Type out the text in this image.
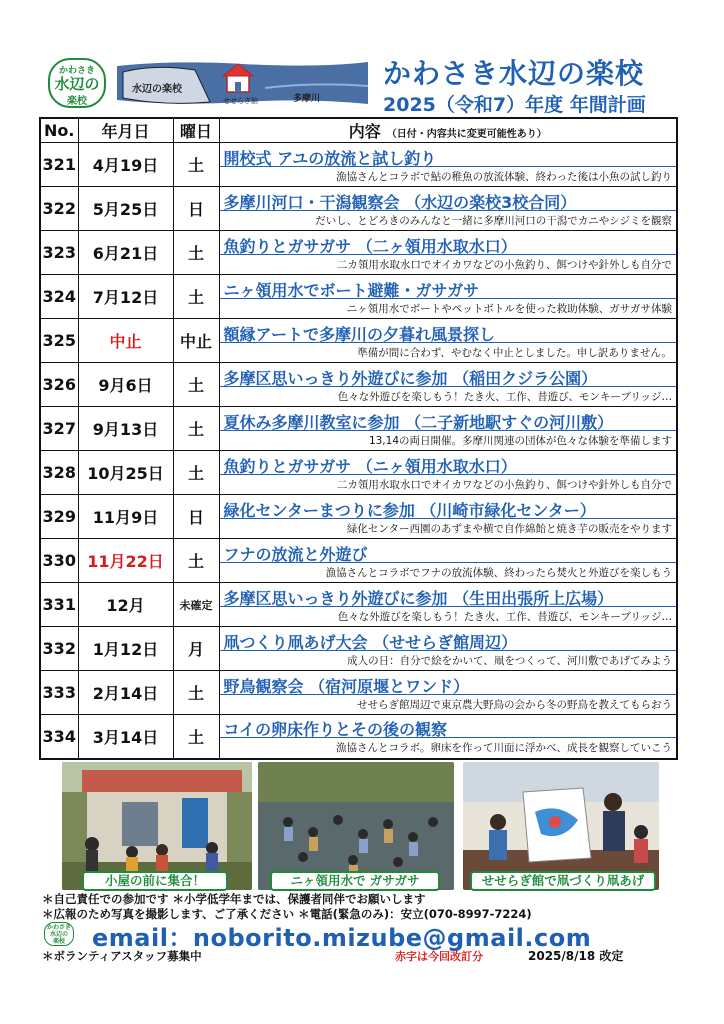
かわさき
水辺の
楽校
水辺の楽校
せせらぎ館	多摩川
かわさき水辺の楽校
2025（令和7）年度 年間計画
No.	年月日	曜日	内容 （日付・内容共に変更可能性あり）
321	4月19日	土	開校式 アユの放流と試し釣り
漁協さんとコラボで鮎の稚魚の放流体験、終わった後は小魚の試し釣り

322	5月25日	日	多摩川河口・干潟観察会 （水辺の楽校3校合同）
だいし、とどろきのみんなと一緒に多摩川河口の干潟でカニやシジミを観察

323	6月21日	土	魚釣りとガサガサ （二ヶ領用水取水口）
二カ領用水取水口でオイカワなどの小魚釣り、餌つけや針外しも自分で

324	7月12日	土	ニヶ領用水でボート避難・ガサガサ
ニヶ領用水でボートやペットボトルを使った救助体験、ガサガサ体験

325	中止	中止	額縁アートで多摩川の夕暮れ風景探し
準備が間に合わず、やむなく中止としました。申し訳ありません。

326	9月6日	土	多摩区思いっきり外遊びに参加 （稲田クジラ公園）
色々な外遊びを楽しもう！たき火、工作、昔遊び、モンキーブリッジ…

327	9月13日	土	夏休み多摩川教室に参加 （二子新地駅すぐの河川敷）
13,14の両日開催。多摩川関連の団体が色々な体験を準備します

328	10月25日	土	魚釣りとガサガサ （ニヶ領用水取水口）
二カ領用水取水口でオイカワなどの小魚釣り、餌つけや針外しも自分で

329	11月9日	日	緑化センターまつりに参加 （川崎市緑化センター）
緑化センター西園のあずまや横で自作綿飴と焼き芋の販売をやります

330	11月22日	土	フナの放流と外遊び
漁協さんとコラボでフナの放流体験、終わったら焚火と外遊びを楽しもう

331	12月	未確定	多摩区思いっきり外遊びに参加 （生田出張所上広場）
色々な外遊びを楽しもう！たき火、工作、昔遊び、モンキーブリッジ…

332	1月12日	月	凧つくり凧あげ大会 （せせらぎ館周辺）
成人の日：自分で絵をかいて、凧をつくって、河川敷であげてみよう

333	2月14日	土	野鳥観察会 （宿河原堰とワンド）
せせらぎ館周辺で東京農大野鳥の会から冬の野鳥を教えてもらおう

334	3月14日	土	コイの卵床作りとその後の観察
漁協さんとコラボ。卵床を作って川面に浮かべ、成長を観察していこう
小屋の前に集合！	ニヶ領用水で ガサガサ	せせらぎ館で凧づくり凧あげ
＊自己責任での参加です ＊小学低学年までは、保護者同伴でお願いします
＊広報のため写真を撮影します、ご了承ください ＊電話(緊急のみ)：安立(070-8997-7224)
かわさき
水辺の
楽校	email：noborito.mizube@gmail.com
＊ボランティアスタッフ募集中	赤字は今回改訂分	2025/8/18 改定
